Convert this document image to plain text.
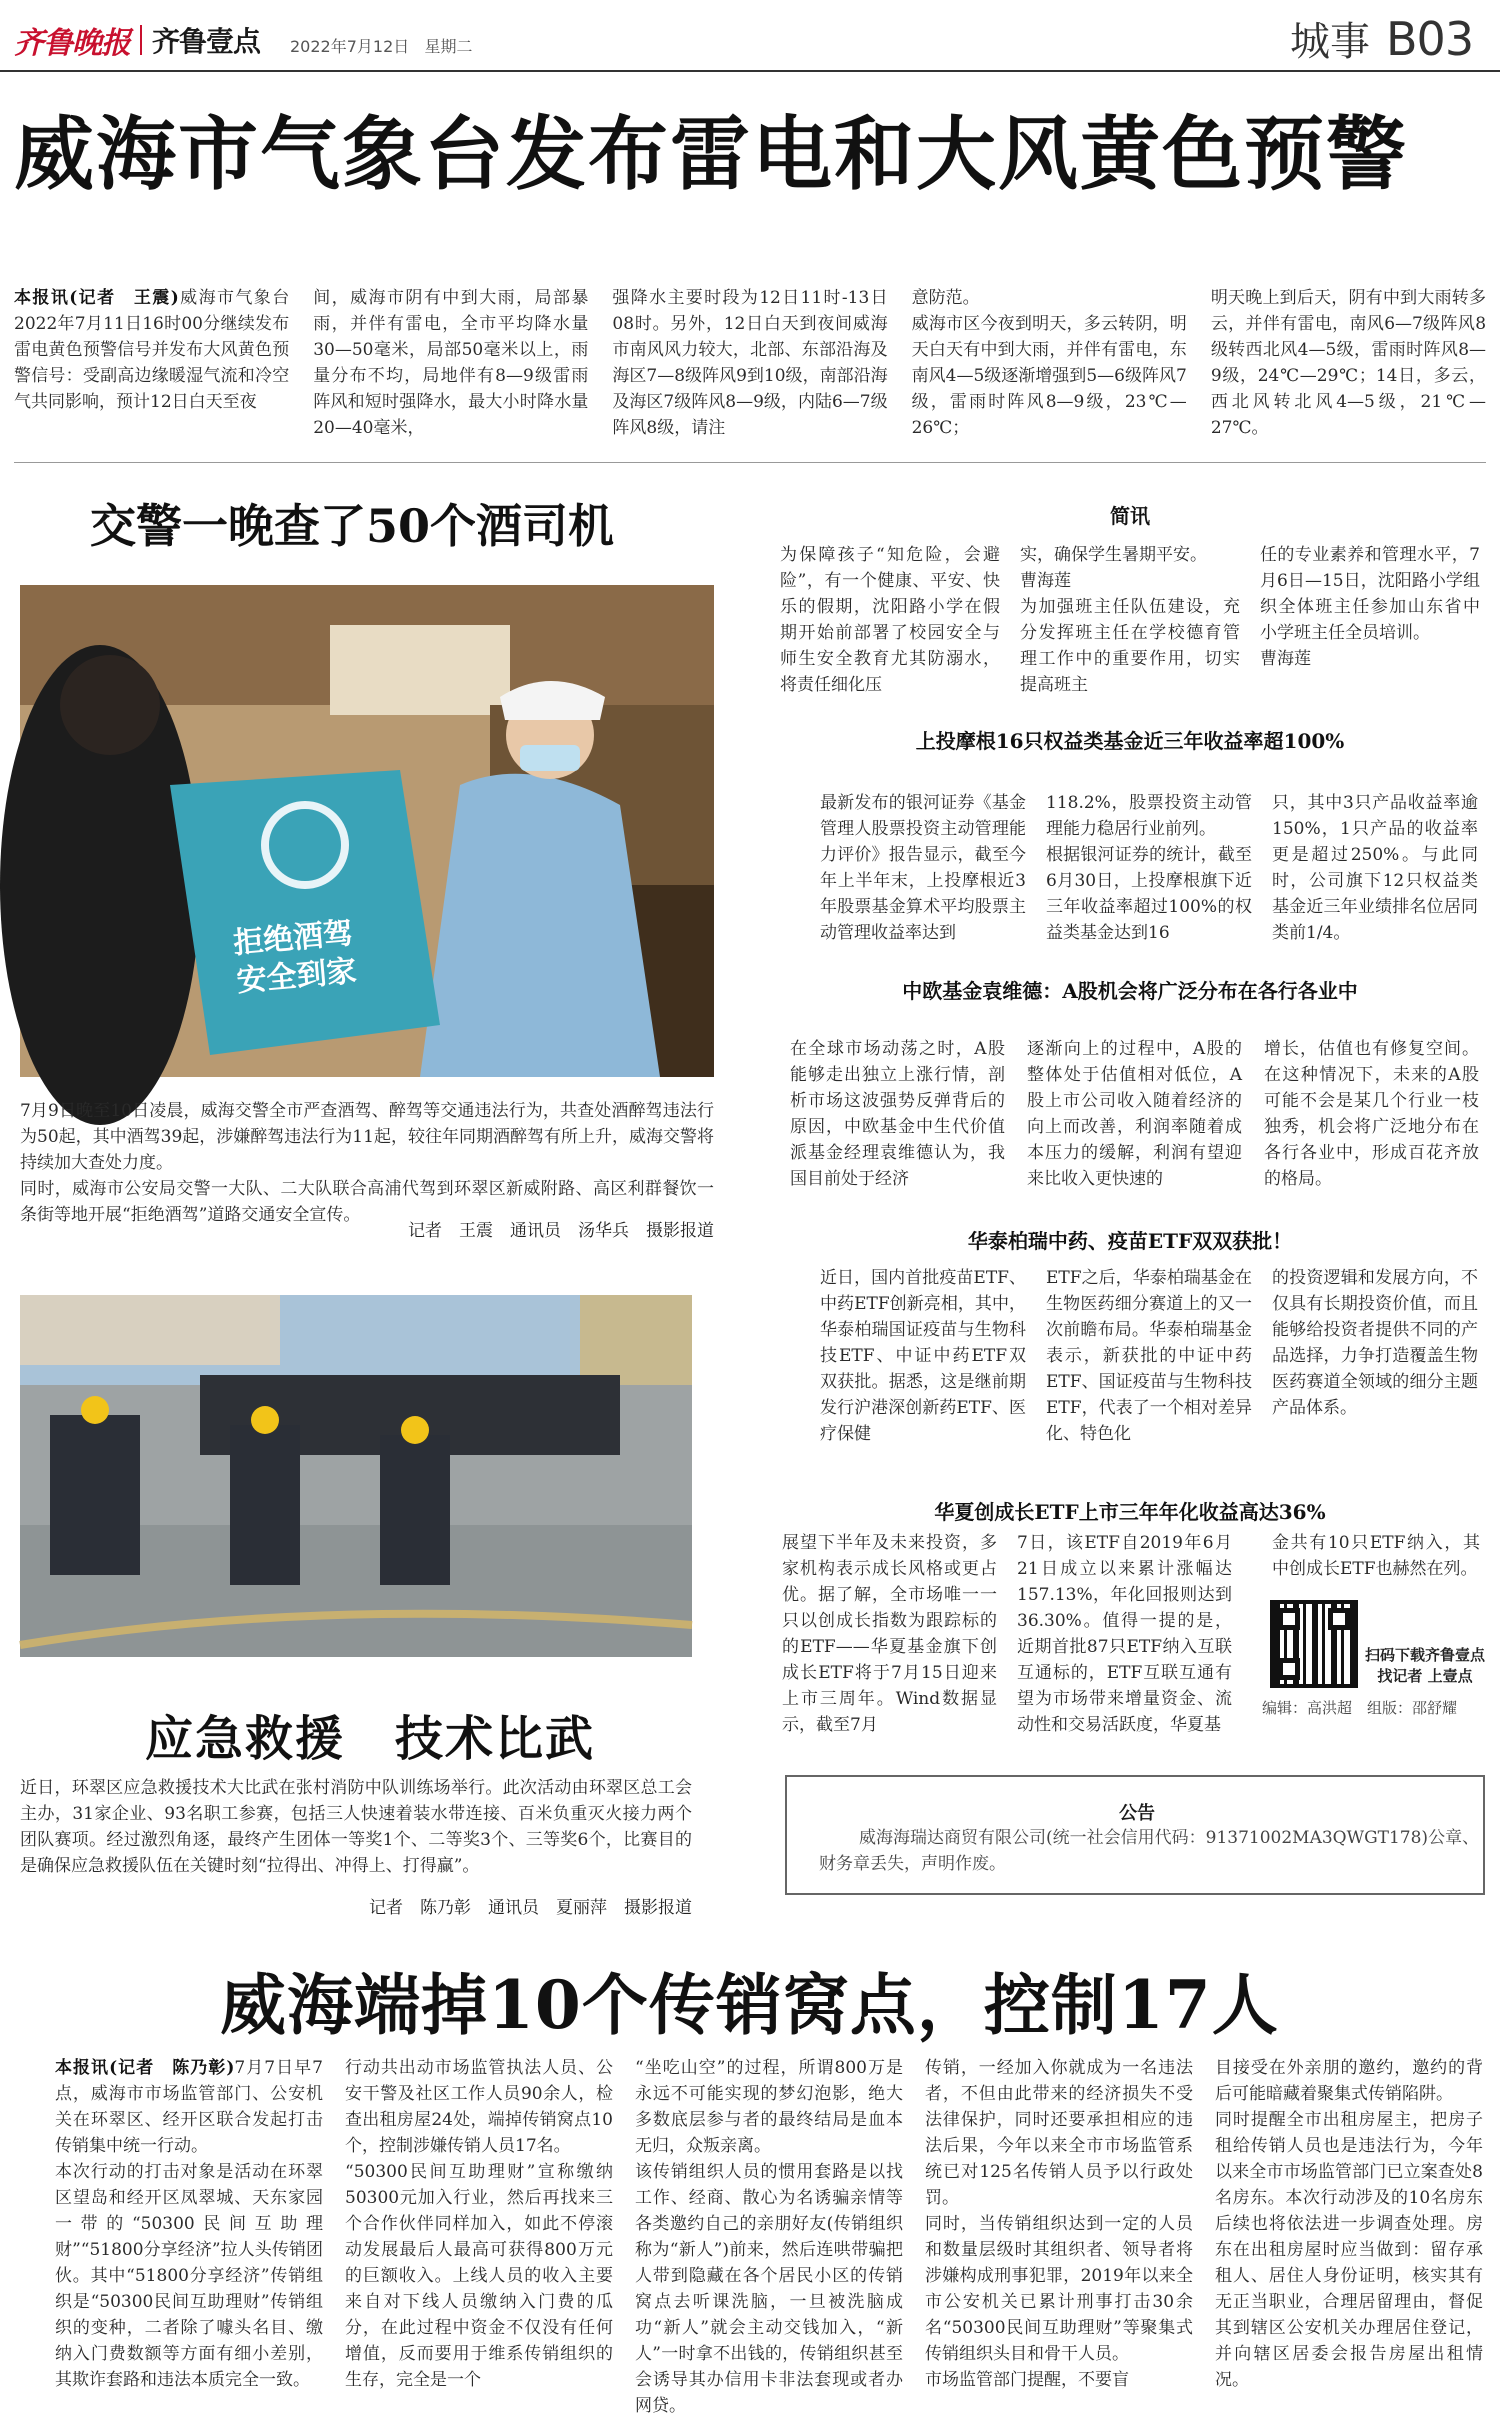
齐鲁晚报 齐鲁壹点 2022年7月12日 星期二	城事 B03
威海市气象台发布雷电和大风黄色预警
本报讯(记者　王震)威海市气象台2022年7月11日16时00分继续发布雷电黄色预警信号并发布大风黄色预警信号：受副高边缘暖湿气流和冷空气共同影响，预计12日白天至夜
间，威海市阴有中到大雨，局部暴雨，并伴有雷电，全市平均降水量30—50毫米，局部50毫米以上，雨量分布不均，局地伴有8—9级雷雨阵风和短时强降水，最大小时降水量20—40毫米，
强降水主要时段为12日11时-13日08时。另外，12日白天到夜间威海市南风风力较大，北部、东部沿海及海区7—8级阵风9到10级，南部沿海及海区7级阵风8—9级，内陆6—7级阵风8级，请注
意防范。
威海市区今夜到明天，多云转阴，明天白天有中到大雨，并伴有雷电，东南风4—5级逐渐增强到5—6级阵风7级，雷雨时阵风8—9级，23℃—26℃；
明天晚上到后天，阴有中到大雨转多云，并伴有雷电，南风6—7级阵风8级转西北风4—5级，雷雨时阵风8—9级，24℃—29℃；14日，多云，西北风转北风4—5级，21℃—27℃。
交警一晚查了50个酒司机
拒绝酒驾
安全到家
7月9日晚至10日凌晨，威海交警全市严查酒驾、醉驾等交通违法行为，共查处酒醉驾违法行为50起，其中酒驾39起，涉嫌醉驾违法行为11起，较往年同期酒醉驾有所上升，威海交警将持续加大查处力度。
同时，威海市公安局交警一大队、二大队联合高浦代驾到环翠区新威附路、高区利群餐饮一条街等地开展“拒绝酒驾”道路交通安全宣传。
记者　王震　通讯员　汤华兵　摄影报道
应急救援　技术比武
近日，环翠区应急救援技术大比武在张村消防中队训练场举行。此次活动由环翠区总工会主办，31家企业、93名职工参赛，包括三人快速着装水带连接、百米负重灭火接力两个团队赛项。经过激烈角逐，最终产生团体一等奖1个、二等奖3个、三等奖6个，比赛目的是确保应急救援队伍在关键时刻“拉得出、冲得上、打得赢”。
记者　陈乃彰　通讯员　夏丽萍　摄影报道
简讯
为保障孩子“知危险，会避险”，有一个健康、平安、快乐的假期，沈阳路小学在假期开始前部署了校园安全与师生安全教育尤其防溺水，将责任细化压
实，确保学生暑期平安。
曹海莲
为加强班主任队伍建设，充分发挥班主任在学校德育管理工作中的重要作用，切实提高班主
任的专业素养和管理水平，7月6日—15日，沈阳路小学组织全体班主任参加山东省中小学班主任全员培训。
曹海莲
上投摩根16只权益类基金近三年收益率超100%
最新发布的银河证券《基金管理人股票投资主动管理能力评价》报告显示，截至今年上半年末，上投摩根近3年股票基金算术平均股票主动管理收益率达到
118.2%，股票投资主动管理能力稳居行业前列。
根据银河证券的统计，截至6月30日，上投摩根旗下近三年收益率超过100%的权益类基金达到16
只，其中3只产品收益率逾150%，1只产品的收益率更是超过250%。与此同时，公司旗下12只权益类基金近三年业绩排名位居同类前1/4。
中欧基金袁维德：A股机会将广泛分布在各行各业中
在全球市场动荡之时，A股能够走出独立上涨行情，剖析市场这波强势反弹背后的原因，中欧基金中生代价值派基金经理袁维德认为，我国目前处于经济
逐渐向上的过程中，A股的整体处于估值相对低位，A股上市公司收入随着经济的向上而改善，利润率随着成本压力的缓解，利润有望迎来比收入更快速的
增长，估值也有修复空间。在这种情况下，未来的A股可能不会是某几个行业一枝独秀，机会将广泛地分布在各行各业中，形成百花齐放的格局。
华泰柏瑞中药、疫苗ETF双双获批！
近日，国内首批疫苗ETF、中药ETF创新亮相，其中，华泰柏瑞国证疫苗与生物科技ETF、中证中药ETF双双获批。据悉，这是继前期发行沪港深创新药ETF、医疗保健
ETF之后，华泰柏瑞基金在生物医药细分赛道上的又一次前瞻布局。华泰柏瑞基金表示，新获批的中证中药ETF、国证疫苗与生物科技ETF，代表了一个相对差异化、特色化
的投资逻辑和发展方向，不仅具有长期投资价值，而且能够给投资者提供不同的产品选择，力争打造覆盖生物医药赛道全领域的细分主题产品体系。
华夏创成长ETF上市三年年化收益高达36%
展望下半年及未来投资，多家机构表示成长风格或更占优。据了解，全市场唯一一只以创成长指数为跟踪标的的ETF——华夏基金旗下创成长ETF将于7月15日迎来上市三周年。Wind数据显示，截至7月
7日，该ETF自2019年6月21日成立以来累计涨幅达157.13%，年化回报则达到36.30%。值得一提的是，近期首批87只ETF纳入互联互通标的，ETF互联互通有望为市场带来增量资金、流动性和交易活跃度，华夏基
金共有10只ETF纳入，其中创成长ETF也赫然在列。
扫码下载齐鲁壹点
找记者 上壹点
编辑：高洪超　组版：邵舒耀
公告
威海海瑞达商贸有限公司(统一社会信用代码：91371002MA3QWGT178)公章、财务章丢失，声明作废。
威海端掉10个传销窝点，控制17人
本报讯(记者　陈乃彰)7月7日早7点，威海市市场监管部门、公安机关在环翠区、经开区联合发起打击传销集中统一行动。
本次行动的打击对象是活动在环翠区望岛和经开区凤翠城、天东家园一带的“50300民间互助理财”“51800分享经济”拉人头传销团伙。其中“51800分享经济”传销组织是“50300民间互助理财”传销组织的变种，二者除了噱头名目、缴纳入门费数额等方面有细小差别，其欺诈套路和违法本质完全一致。
行动共出动市场监管执法人员、公安干警及社区工作人员90余人，检查出租房屋24处，端掉传销窝点10个，控制涉嫌传销人员17名。
“50300民间互助理财”宣称缴纳50300元加入行业，然后再找来三个合作伙伴同样加入，如此不停滚动发展最后人最高可获得800万元的巨额收入。上线人员的收入主要来自对下线人员缴纳入门费的瓜分，在此过程中资金不仅没有任何增值，反而要用于维系传销组织的生存，完全是一个
“坐吃山空”的过程，所谓800万是永远不可能实现的梦幻泡影，绝大多数底层参与者的最终结局是血本无归，众叛亲离。
该传销组织人员的惯用套路是以找工作、经商、散心为名诱骗亲情等各类邀约自己的亲朋好友(传销组织称为“新人”)前来，然后连哄带骗把人带到隐藏在各个居民小区的传销窝点去听课洗脑，一旦被洗脑成功“新人”就会主动交钱加入，“新人”一时拿不出钱的，传销组织甚至会诱导其办信用卡非法套现或者办网贷。
传销，一经加入你就成为一名违法者，不但由此带来的经济损失不受法律保护，同时还要承担相应的违法后果，今年以来全市市场监管系统已对125名传销人员予以行政处罚。
同时，当传销组织达到一定的人员和数量层级时其组织者、领导者将涉嫌构成刑事犯罪，2019年以来全市公安机关已累计刑事打击30余名“50300民间互助理财”等聚集式传销组织头目和骨干人员。
市场监管部门提醒，不要盲
目接受在外亲朋的邀约，邀约的背后可能暗藏着聚集式传销陷阱。
同时提醒全市出租房屋主，把房子租给传销人员也是违法行为，今年以来全市市场监管部门已立案查处8名房东。本次行动涉及的10名房东后续也将依法进一步调查处理。房东在出租房屋时应当做到：留存承租人、居住人身份证明，核实其有无正当职业，合理居留理由，督促其到辖区公安机关办理居住登记，并向辖区居委会报告房屋出租情况。
